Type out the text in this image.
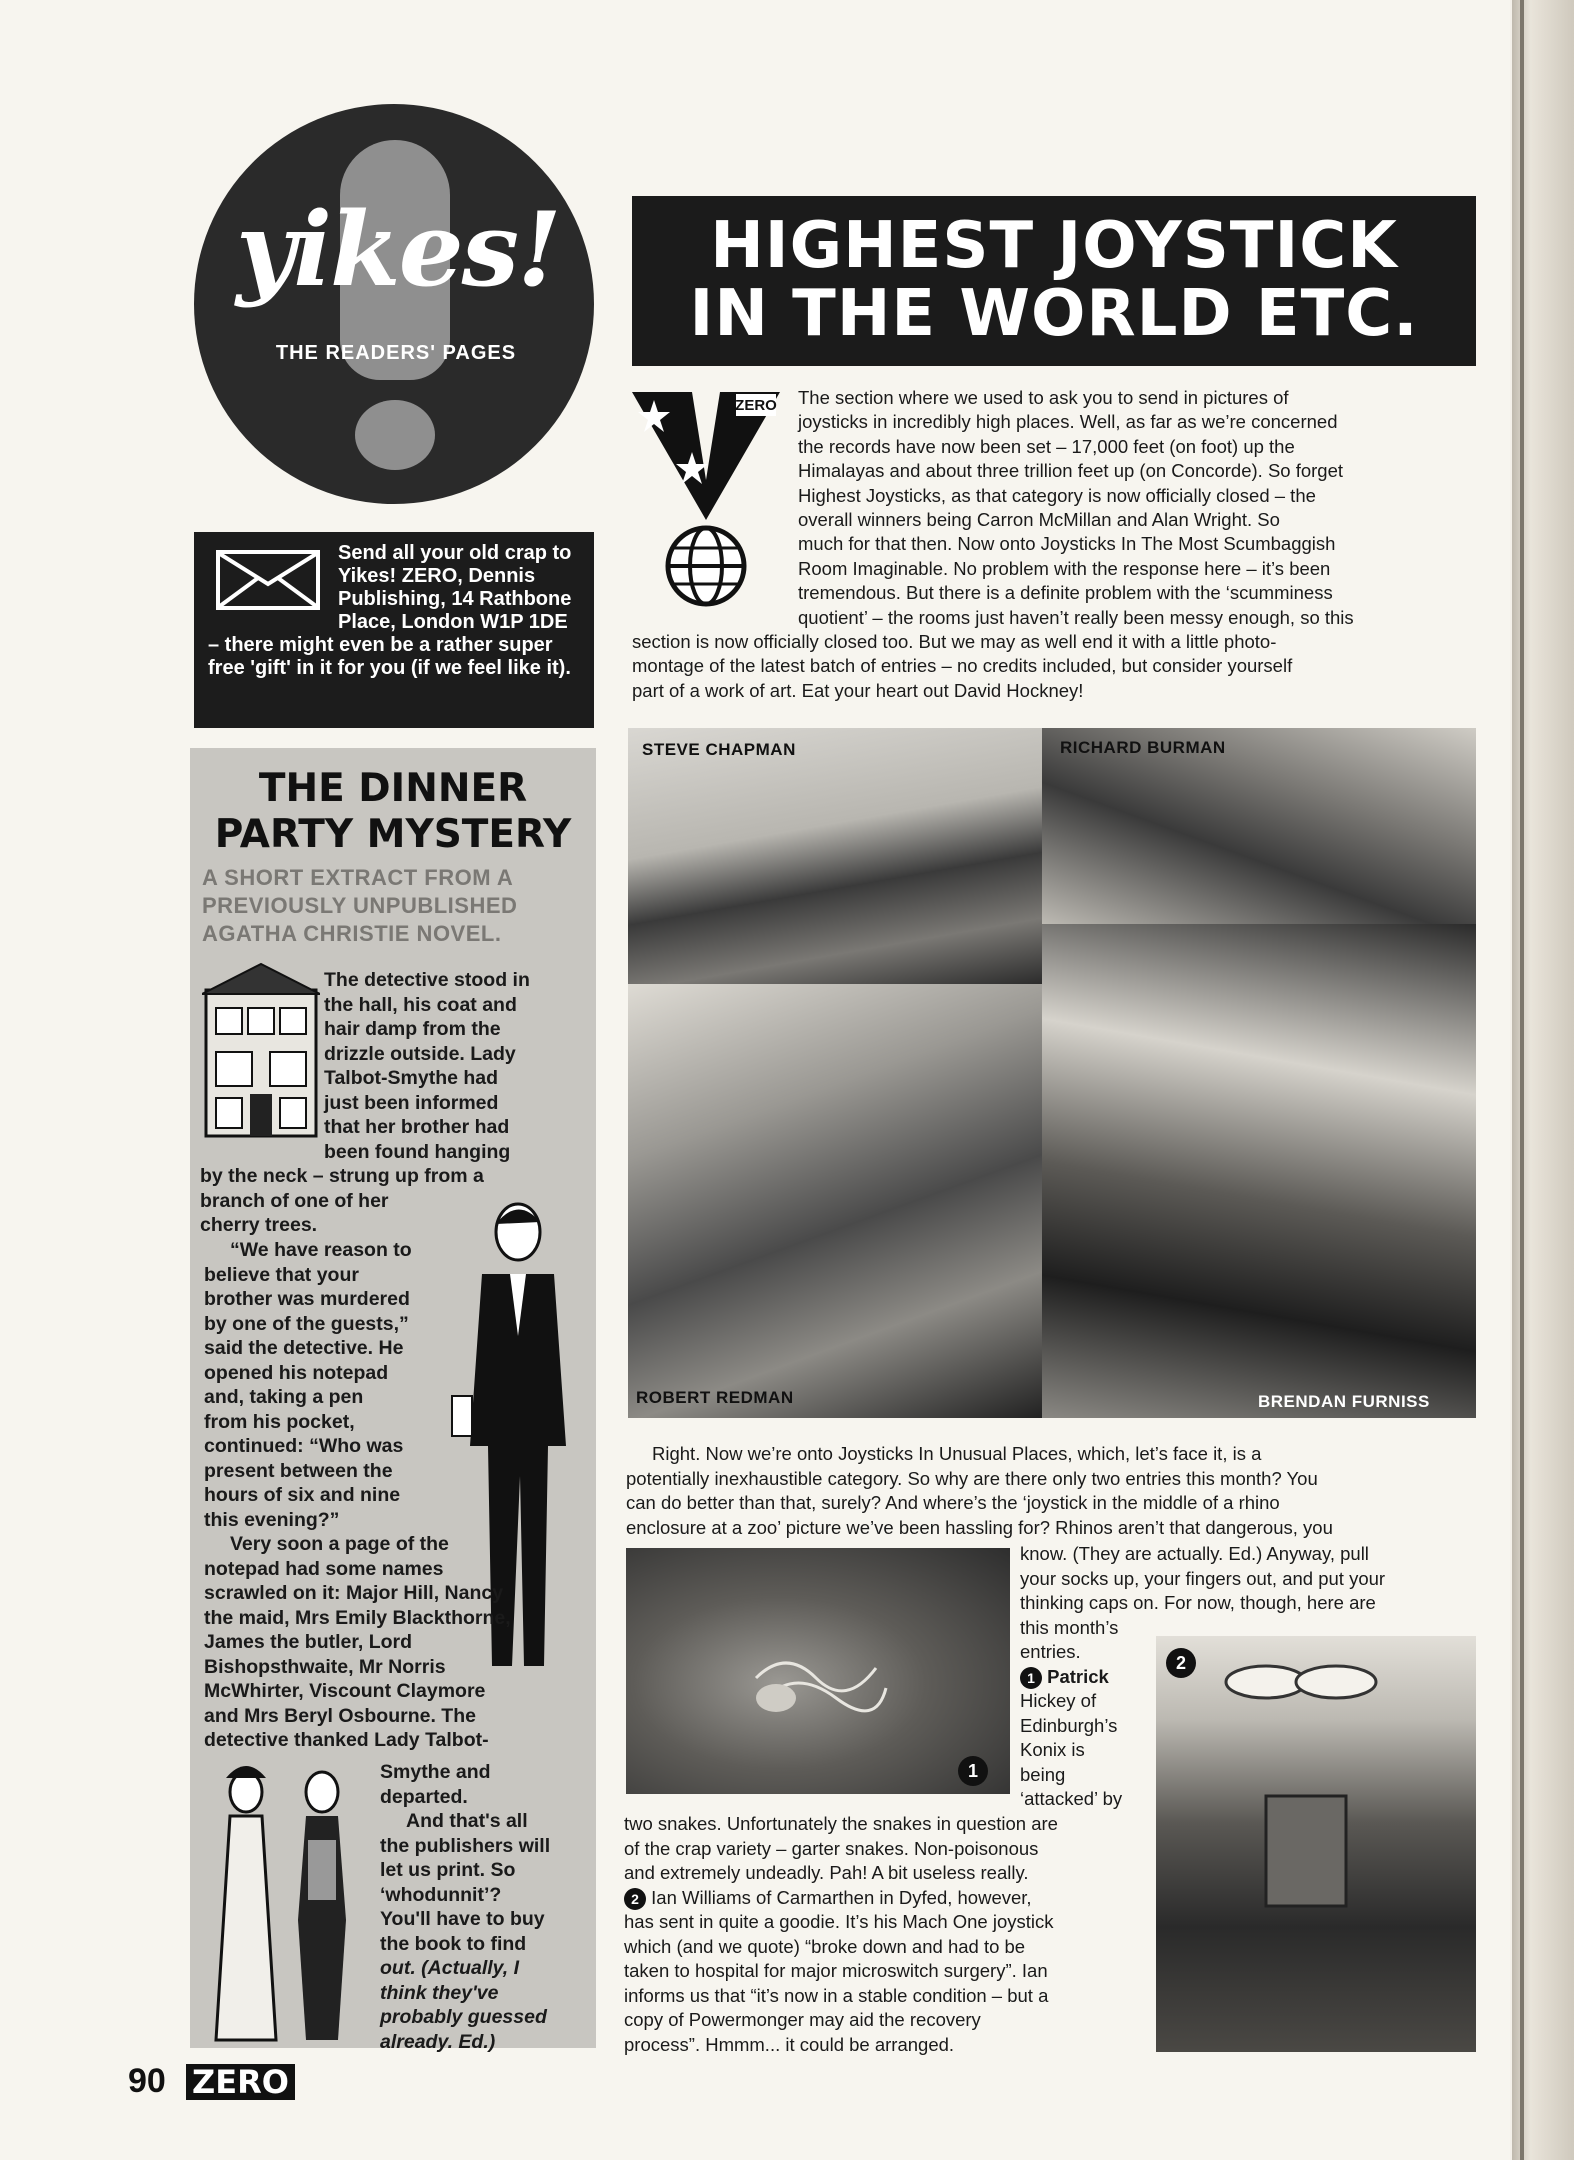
yikes!
THE READERS' PAGES
Send all your old crap to Yikes! ZERO, Dennis Publishing, 14 Rathbone Place, London W1P 1DE – there might even be a rather super free 'gift' in it for you (if we feel like it).
THE DINNER
PARTY MYSTERY
A SHORT EXTRACT FROM A
PREVIOUSLY UNPUBLISHED
AGATHA CHRISTIE NOVEL.
The detective stood in
the hall, his coat and
hair damp from the
drizzle outside. Lady
Talbot-Smythe had
just been informed
that her brother had
been found hanging
by the neck – strung up from a
branch of one of her
cherry trees.
“We have reason to
believe that your
brother was murdered
by one of the guests,”
said the detective. He
opened his notepad
and, taking a pen
from his pocket,
continued: “Who was
present between the
hours of six and nine
this evening?”
Very soon a page of the
notepad had some names
scrawled on it: Major Hill, Nancy
the maid, Mrs Emily Blackthorne,
James the butler, Lord
Bishopsthwaite, Mr Norris
McWhirter, Viscount Claymore
and Mrs Beryl Osbourne. The
detective thanked Lady Talbot-
Smythe and
departed.
And that's all
the publishers will
let us print. So
‘whodunnit’?
You'll have to buy
the book to find
out. (Actually, I
think they've
probably guessed
already. Ed.)
HIGHEST JOYSTICK
IN THE WORLD ETC.
ZERO	The section where we used to ask you to send in pictures of

joysticks in incredibly high places. Well, as far as we’re concerned

the records have now been set – 17,000 feet (on foot) up the

Himalayas and about three trillion feet up (on Concorde). So forget

Highest Joysticks, as that category is now officially closed – the

overall winners being Carron McMillan and Alan Wright. So

much for that then. Now onto Joysticks In The Most Scumbaggish

Room Imaginable. No problem with the response here – it’s been

tremendous. But there is a definite problem with the ‘scumminess

quotient’ – the rooms just haven’t really been messy enough, so this

section is now officially closed too. But we may as well end it with a little photo-

montage of the latest batch of entries – no credits included, but consider yourself

part of a work of art. Eat your heart out David Hockney!

STEVE CHAPMAN	RICHARD BURMAN
ROBERT REDMAN	BRENDAN FURNISS
Right. Now we’re onto Joysticks In Unusual Places, which, let’s face it, is a
potentially inexhaustible category. So why are there only two entries this month? You
can do better than that, surely? And where’s the ‘joystick in the middle of a rhino
enclosure at a zoo’ picture we’ve been hassling for? Rhinos aren’t that dangerous, you
1
know. (They are actually. Ed.) Anyway, pull
your socks up, your fingers out, and put your
thinking caps on. For now, though, here are
this month’s
entries.
1 Patrick
Hickey of
Edinburgh’s
Konix is
being
‘attacked’ by
2
two snakes. Unfortunately the snakes in question are
of the crap variety – garter snakes. Non-poisonous
and extremely undeadly. Pah! A bit useless really.
2 Ian Williams of Carmarthen in Dyfed, however,
has sent in quite a goodie. It’s his Mach One joystick
which (and we quote) “broke down and had to be
taken to hospital for major microswitch surgery”. Ian
informs us that “it’s now in a stable condition – but a
copy of Powermonger may aid the recovery
process”. Hmmm... it could be arranged.
90 ZERO
